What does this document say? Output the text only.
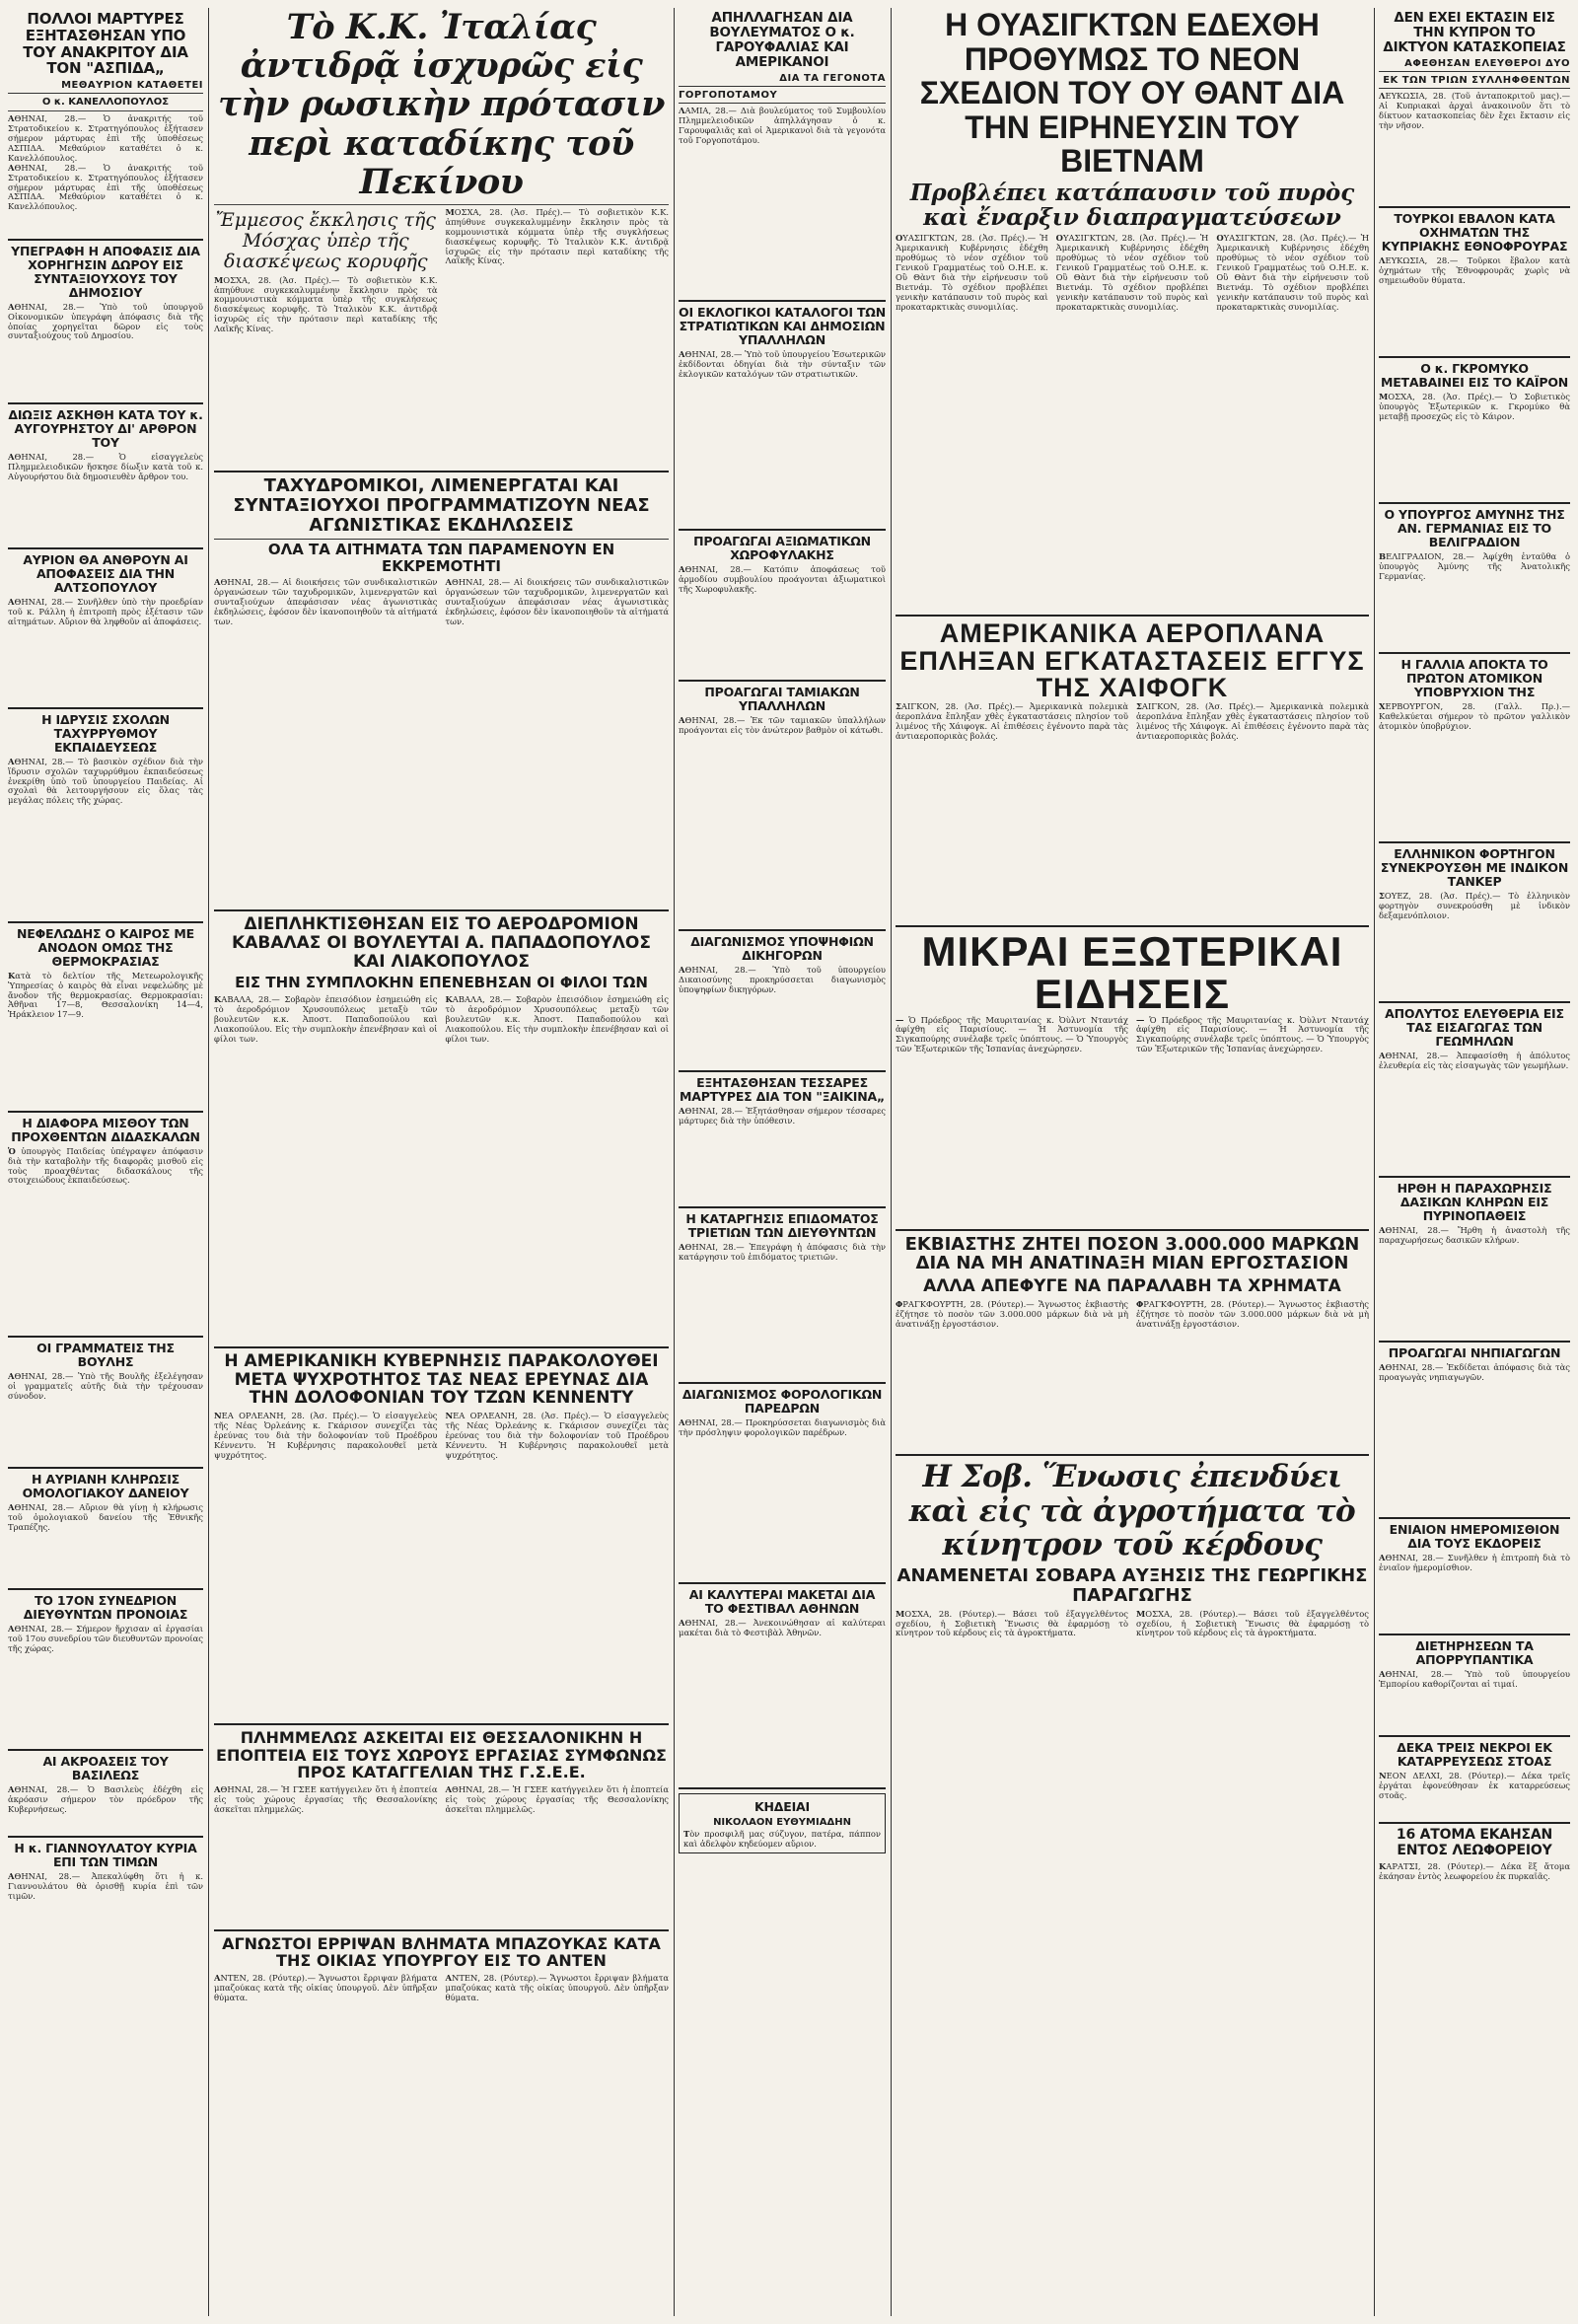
ΠΟΛΛΟΙ ΜΑΡΤΥΡΕΣ ΕΞΗΤΑΣΘΗΣΑΝ ΥΠΟ ΤΟΥ ΑΝΑΚΡΙΤΟΥ ΔΙΑ ΤΟΝ "ΑΣΠΙΔΑ„
ΜΕΘΑΥΡΙΟΝ ΚΑΤΑΘΕΤΕΙ
Ο κ. ΚΑΝΕΛΛΟΠΟΥΛΟΣ

ΑΘΗΝΑΙ, 28.— Ὁ ἀνακριτής τοῦ Στρατοδικείου κ. Στρατηγόπουλος ἐξήτασεν σήμερον μάρτυρας ἐπὶ τῆς ὑποθέσεως ΑΣΠΙΔΑ. Μεθαύριον καταθέτει ὁ κ. Κανελλόπουλος.

ΑΘΗΝΑΙ, 28.— Ὁ ἀνακριτής τοῦ Στρατοδικείου κ. Στρατηγόπουλος ἐξήτασεν σήμερον μάρτυρας ἐπὶ τῆς ὑποθέσεως ΑΣΠΙΔΑ. Μεθαύριον καταθέτει ὁ κ. Κανελλόπουλος.

ΥΠΕΓΡΑΦΗ Η ΑΠΟΦΑΣΙΣ ΔΙΑ ΧΟΡΗΓΗΣΙΝ ΔΩΡΟΥ ΕΙΣ ΣΥΝΤΑΞΙΟΥΧΟΥΣ ΤΟΥ ΔΗΜΟΣΙΟΥ

ΑΘΗΝΑΙ, 28.— Ὑπὸ τοῦ ὑπουργοῦ Οἰκονομικῶν ὑπεγράφη ἀπόφασις διὰ τῆς ὁποίας χορηγεῖται δῶρον εἰς τοὺς συνταξιούχους τοῦ Δημοσίου.

ΔΙΩΞΙΣ ΑΣΚΗΘΗ ΚΑΤΑ ΤΟΥ κ. ΑΥΓΟΥΡΗΣΤΟΥ ΔΙ' ΑΡΘΡΟΝ ΤΟΥ

ΑΘΗΝΑΙ, 28.— Ὁ εἰσαγγελεὺς Πλημμελειοδικῶν ἤσκησε δίωξιν κατὰ τοῦ κ. Αὐγουρήστου διὰ δημοσιευθὲν ἄρθρον του.

ΑΥΡΙΟΝ ΘΑ ΑΝΘΡΟΥΝ ΑΙ ΑΠΟΦΑΣΕΙΣ ΔΙΑ ΤΗΝ ΑΛΤΣΟΠΟΥΛΟΥ

ΑΘΗΝΑΙ, 28.— Συνῆλθεν ὑπὸ τὴν προεδρίαν τοῦ κ. Ράλλη ἡ ἐπιτροπὴ πρὸς ἐξέτασιν τῶν αἰτημάτων. Αὔριον θὰ ληφθοῦν αἱ ἀποφάσεις.

Η ΙΔΡΥΣΙΣ ΣΧΟΛΩΝ ΤΑΧΥΡΡΥΘΜΟΥ ΕΚΠΑΙΔΕΥΣΕΩΣ

ΑΘΗΝΑΙ, 28.— Τὸ βασικὸν σχέδιον διὰ τὴν ἵδρυσιν σχολῶν ταχυρρύθμου ἐκπαιδεύσεως ἐνεκρίθη ὑπὸ τοῦ ὑπουργείου Παιδείας. Αἱ σχολαὶ θὰ λειτουργήσουν εἰς ὅλας τὰς μεγάλας πόλεις τῆς χώρας.

ΝΕΦΕΛΩΔΗΣ Ο ΚΑΙΡΟΣ ΜΕ ΑΝΟΔΟΝ ΟΜΩΣ ΤΗΣ ΘΕΡΜΟΚΡΑΣΙΑΣ

Κατὰ τὸ δελτίον τῆς Μετεωρολογικῆς Ὑπηρεσίας ὁ καιρὸς θὰ εἶναι νεφελώδης μὲ ἄνοδον τῆς θερμοκρασίας. Θερμοκρασίαι: Ἀθῆναι 17—8, Θεσσαλονίκη 14—4, Ἡράκλειον 17—9.

Η ΔΙΑΦΟΡΑ ΜΙΣΘΟΥ ΤΩΝ ΠΡΟΧΘΕΝΤΩΝ ΔΙΔΑΣΚΑΛΩΝ

Ὁ ὑπουργὸς Παιδείας ὑπέγραψεν ἀπόφασιν διὰ τὴν καταβολὴν τῆς διαφορᾶς μισθοῦ εἰς τοὺς προαχθέντας διδασκάλους τῆς στοιχειώδους ἐκπαιδεύσεως.

ΟΙ ΓΡΑΜΜΑΤΕΙΣ ΤΗΣ ΒΟΥΛΗΣ

ΑΘΗΝΑΙ, 28.— Ὑπὸ τῆς Βουλῆς ἐξελέγησαν οἱ γραμματεῖς αὐτῆς διὰ τὴν τρέχουσαν σύνοδον.

Η ΑΥΡΙΑΝΗ ΚΛΗΡΩΣΙΣ ΟΜΟΛΟΓΙΑΚΟΥ ΔΑΝΕΙΟΥ

ΑΘΗΝΑΙ, 28.— Αὔριον θὰ γίνῃ ἡ κλήρωσις τοῦ ὁμολογιακοῦ δανείου τῆς Ἐθνικῆς Τραπέζης.

ΤΟ 17ΟΝ ΣΥΝΕΔΡΙΟΝ ΔΙΕΥΘΥΝΤΩΝ ΠΡΟΝΟΙΑΣ

ΑΘΗΝΑΙ, 28.— Σήμερον ἤρχισαν αἱ ἐργασίαι τοῦ 17ου συνεδρίου τῶν διευθυντῶν προνοίας τῆς χώρας.

ΑΙ ΑΚΡΟΑΣΕΙΣ ΤΟΥ ΒΑΣΙΛΕΩΣ

ΑΘΗΝΑΙ, 28.— Ὁ Βασιλεὺς ἐδέχθη εἰς ἀκρόασιν σήμερον τὸν πρόεδρον τῆς Κυβερνήσεως.

Η κ. ΓΙΑΝΝΟΥΛΑΤΟΥ ΚΥΡΙΑ ΕΠΙ ΤΩΝ ΤΙΜΩΝ

ΑΘΗΝΑΙ, 28.— Ἀπεκαλύφθη ὅτι ἡ κ. Γιαννουλάτου θὰ ὁρισθῇ κυρία ἐπὶ τῶν τιμῶν.

Τὸ Κ.Κ. Ἰταλίας ἀντιδρᾷ ἰσχυρῶς εἰς τὴν ρωσικὴν πρότασιν περὶ καταδίκης τοῦ Πεκίνου
Ἔμμεσος ἔκκλησις τῆς Μόσχας ὑπὲρ τῆς διασκέψεως κορυφῆς

ΜΟΣΧΑ, 28. (Ἀσ. Πρές).— Τὸ σοβιετικὸν Κ.Κ. ἀπηύθυνε συγκεκαλυμμένην ἔκκλησιν πρὸς τὰ κομμουνιστικὰ κόμματα ὑπὲρ τῆς συγκλήσεως διασκέψεως κορυφῆς. Τὸ Ἰταλικὸν Κ.Κ. ἀντιδρᾷ ἰσχυρῶς εἰς τὴν πρότασιν περὶ καταδίκης τῆς Λαϊκῆς Κίνας.

ΜΟΣΧΑ, 28. (Ἀσ. Πρές).— Τὸ σοβιετικὸν Κ.Κ. ἀπηύθυνε συγκεκαλυμμένην ἔκκλησιν πρὸς τὰ κομμουνιστικὰ κόμματα ὑπὲρ τῆς συγκλήσεως διασκέψεως κορυφῆς. Τὸ Ἰταλικὸν Κ.Κ. ἀντιδρᾷ ἰσχυρῶς εἰς τὴν πρότασιν περὶ καταδίκης τῆς Λαϊκῆς Κίνας.

ΤΑΧΥΔΡΟΜΙΚΟΙ, ΛΙΜΕΝΕΡΓΑΤΑΙ ΚΑΙ ΣΥΝΤΑΞΙΟΥΧΟΙ ΠΡΟΓΡΑΜΜΑΤΙΖΟΥΝ ΝΕΑΣ ΑΓΩΝΙΣΤΙΚΑΣ ΕΚΔΗΛΩΣΕΙΣ
ΟΛΑ ΤΑ ΑΙΤΗΜΑΤΑ ΤΩΝ ΠΑΡΑΜΕΝΟΥΝ ΕΝ ΕΚΚΡΕΜΟΤΗΤΙ

ΑΘΗΝΑΙ, 28.— Αἱ διοικήσεις τῶν συνδικαλιστικῶν ὀργανώσεων τῶν ταχυδρομικῶν, λιμενεργατῶν καὶ συνταξιούχων ἀπεφάσισαν νέας ἀγωνιστικὰς ἐκδηλώσεις, ἐφόσον δὲν ἱκανοποιηθοῦν τὰ αἰτήματά των.

ΑΘΗΝΑΙ, 28.— Αἱ διοικήσεις τῶν συνδικαλιστικῶν ὀργανώσεων τῶν ταχυδρομικῶν, λιμενεργατῶν καὶ συνταξιούχων ἀπεφάσισαν νέας ἀγωνιστικὰς ἐκδηλώσεις, ἐφόσον δὲν ἱκανοποιηθοῦν τὰ αἰτήματά των.

ΔΙΕΠΛΗΚΤΙΣΘΗΣΑΝ ΕΙΣ ΤΟ ΑΕΡΟΔΡΟΜΙΟΝ ΚΑΒΑΛΑΣ ΟΙ ΒΟΥΛΕΥΤΑΙ Α. ΠΑΠΑΔΟΠΟΥΛΟΣ ΚΑΙ ΛΙΑΚΟΠΟΥΛΟΣ
ΕΙΣ ΤΗΝ ΣΥΜΠΛΟΚΗΝ ΕΠΕΝΕΒΗΣΑΝ ΟΙ ΦΙΛΟΙ ΤΩΝ

ΚΑΒΑΛΑ, 28.— Σοβαρὸν ἐπεισόδιον ἐσημειώθη εἰς τὸ ἀεροδρόμιον Χρυσουπόλεως μεταξὺ τῶν βουλευτῶν κ.κ. Ἀποστ. Παπαδοπούλου καὶ Λιακοπούλου. Εἰς τὴν συμπλοκὴν ἐπενέβησαν καὶ οἱ φίλοι των.

ΚΑΒΑΛΑ, 28.— Σοβαρὸν ἐπεισόδιον ἐσημειώθη εἰς τὸ ἀεροδρόμιον Χρυσουπόλεως μεταξὺ τῶν βουλευτῶν κ.κ. Ἀποστ. Παπαδοπούλου καὶ Λιακοπούλου. Εἰς τὴν συμπλοκὴν ἐπενέβησαν καὶ οἱ φίλοι των.

Η ΑΜΕΡΙΚΑΝΙΚΗ ΚΥΒΕΡΝΗΣΙΣ ΠΑΡΑΚΟΛΟΥΘΕΙ ΜΕΤΑ ΨΥΧΡΟΤΗΤΟΣ ΤΑΣ ΝΕΑΣ ΕΡΕΥΝΑΣ ΔΙΑ ΤΗΝ ΔΟΛΟΦΟΝΙΑΝ ΤΟΥ ΤΖΩΝ ΚΕΝΝΕΝΤΥ

ΝΕΑ ΟΡΛΕΑΝΗ, 28. (Ἀσ. Πρές).— Ὁ εἰσαγγελεὺς τῆς Νέας Ὀρλεάνης κ. Γκάρισον συνεχίζει τὰς ἐρεύνας του διὰ τὴν δολοφονίαν τοῦ Προέδρου Κέννεντυ. Ἡ Κυβέρνησις παρακολουθεῖ μετὰ ψυχρότητος.

ΝΕΑ ΟΡΛΕΑΝΗ, 28. (Ἀσ. Πρές).— Ὁ εἰσαγγελεὺς τῆς Νέας Ὀρλεάνης κ. Γκάρισον συνεχίζει τὰς ἐρεύνας του διὰ τὴν δολοφονίαν τοῦ Προέδρου Κέννεντυ. Ἡ Κυβέρνησις παρακολουθεῖ μετὰ ψυχρότητος.

ΠΛΗΜΜΕΛΩΣ ΑΣΚΕΙΤΑΙ ΕΙΣ ΘΕΣΣΑΛΟΝΙΚΗΝ Η ΕΠΟΠΤΕΙΑ ΕΙΣ ΤΟΥΣ ΧΩΡΟΥΣ ΕΡΓΑΣΙΑΣ ΣΥΜΦΩΝΩΣ ΠΡΟΣ ΚΑΤΑΓΓΕΛΙΑΝ ΤΗΣ Γ.Σ.Ε.Ε.

ΑΘΗΝΑΙ, 28.— Ἡ ΓΣΕΕ κατήγγειλεν ὅτι ἡ ἐποπτεία εἰς τοὺς χώρους ἐργασίας τῆς Θεσσαλονίκης ἀσκεῖται πλημμελῶς.

ΑΘΗΝΑΙ, 28.— Ἡ ΓΣΕΕ κατήγγειλεν ὅτι ἡ ἐποπτεία εἰς τοὺς χώρους ἐργασίας τῆς Θεσσαλονίκης ἀσκεῖται πλημμελῶς.

ΑΓΝΩΣΤΟΙ ΕΡΡΙΨΑΝ ΒΛΗΜΑΤΑ ΜΠΑΖΟΥΚΑΣ ΚΑΤΑ ΤΗΣ ΟΙΚΙΑΣ ΥΠΟΥΡΓΟΥ ΕΙΣ ΤΟ ΑΝΤΕΝ

ΑΝΤΕΝ, 28. (Ρόυτερ).— Ἄγνωστοι ἔρριψαν βλήματα μπαζούκας κατὰ τῆς οἰκίας ὑπουργοῦ. Δὲν ὑπῆρξαν θύματα.

ΑΝΤΕΝ, 28. (Ρόυτερ).— Ἄγνωστοι ἔρριψαν βλήματα μπαζούκας κατὰ τῆς οἰκίας ὑπουργοῦ. Δὲν ὑπῆρξαν θύματα.

ΑΠΗΛΛΑΓΗΣΑΝ ΔΙΑ ΒΟΥΛΕΥΜΑΤΟΣ Ο κ. ΓΑΡΟΥΦΑΛΙΑΣ ΚΑΙ ΑΜΕΡΙΚΑΝΟΙ
ΔΙΑ ΤΑ ΓΕΓΟΝΟΤΑ
ΓΟΡΓΟΠΟΤΑΜΟΥ

ΛΑΜΙΑ, 28.— Διὰ βουλεύματος τοῦ Συμβουλίου Πλημμελειοδικῶν ἀπηλλάγησαν ὁ κ. Γαρουφαλιᾶς καὶ οἱ Ἀμερικανοὶ διὰ τὰ γεγονότα τοῦ Γοργοποτάμου.

ΟΙ ΕΚΛΟΓΙΚΟΙ ΚΑΤΑΛΟΓΟΙ ΤΩΝ ΣΤΡΑΤΙΩΤΙΚΩΝ ΚΑΙ ΔΗΜΟΣΙΩΝ ΥΠΑΛΛΗΛΩΝ

ΑΘΗΝΑΙ, 28.— Ὑπὸ τοῦ ὑπουργείου Ἐσωτερικῶν ἐκδίδονται ὁδηγίαι διὰ τὴν σύνταξιν τῶν ἐκλογικῶν καταλόγων τῶν στρατιωτικῶν.

ΠΡΟΑΓΩΓΑΙ ΑΞΙΩΜΑΤΙΚΩΝ ΧΩΡΟΦΥΛΑΚΗΣ

ΑΘΗΝΑΙ, 28.— Κατόπιν ἀποφάσεως τοῦ ἀρμοδίου συμβουλίου προάγονται ἀξιωματικοὶ τῆς Χωροφυλακῆς.

ΠΡΟΑΓΩΓΑΙ ΤΑΜΙΑΚΩΝ ΥΠΑΛΛΗΛΩΝ

ΑΘΗΝΑΙ, 28.— Ἐκ τῶν ταμιακῶν ὑπαλλήλων προάγονται εἰς τὸν ἀνώτερον βαθμὸν οἱ κάτωθι.

ΔΙΑΓΩΝΙΣΜΟΣ ΥΠΟΨΗΦΙΩΝ ΔΙΚΗΓΟΡΩΝ

ΑΘΗΝΑΙ, 28.— Ὑπὸ τοῦ ὑπουργείου Δικαιοσύνης προκηρύσσεται διαγωνισμὸς ὑποψηφίων δικηγόρων.

ΕΞΗΤΑΣΘΗΣΑΝ ΤΕΣΣΑΡΕΣ ΜΑΡΤΥΡΕΣ ΔΙΑ ΤΟΝ "ΞΑΙΚΙΝΑ„

ΑΘΗΝΑΙ, 28.— Ἐξητάσθησαν σήμερον τέσσαρες μάρτυρες διὰ τὴν ὑπόθεσιν.

Η ΚΑΤΑΡΓΗΣΙΣ ΕΠΙΔΟΜΑΤΟΣ ΤΡΙΕΤΙΩΝ ΤΩΝ ΔΙΕΥΘΥΝΤΩΝ

ΑΘΗΝΑΙ, 28.— Ἐπεγράφη ἡ ἀπόφασις διὰ τὴν κατάργησιν τοῦ ἐπιδόματος τριετιῶν.

ΔΙΑΓΩΝΙΣΜΟΣ ΦΟΡΟΛΟΓΙΚΩΝ ΠΑΡΕΔΡΩΝ

ΑΘΗΝΑΙ, 28.— Προκηρύσσεται διαγωνισμὸς διὰ τὴν πρόσληψιν φορολογικῶν παρέδρων.

ΑΙ ΚΑΛΥΤΕΡΑΙ ΜΑΚΕΤΑΙ ΔΙΑ ΤΟ ΦΕΣΤΙΒΑΛ ΑΘΗΝΩΝ

ΑΘΗΝΑΙ, 28.— Ἀνεκοινώθησαν αἱ καλύτεραι μακέται διὰ τὸ Φεστιβὰλ Ἀθηνῶν.

ΚΗΔΕΙΑΙ
ΝΙΚΟΛΑΟΝ ΕΥΘΥΜΙΑΔΗΝ

Τὸν προσφιλῆ μας σύζυγον, πατέρα, πάππον καὶ ἀδελφὸν κηδεύομεν αὔριον.

Η ΟΥΑΣΙΓΚΤΩΝ ΕΔΕΧΘΗ ΠΡΟΘΥΜΩΣ ΤΟ ΝΕΟΝ ΣΧΕΔΙΟΝ ΤΟΥ ΟΥ ΘΑΝΤ ΔΙΑ ΤΗΝ ΕΙΡΗΝΕΥΣΙΝ ΤΟΥ ΒΙΕΤΝΑΜ
Προβλέπει κατάπαυσιν τοῦ πυρὸς καὶ ἔναρξιν διαπραγματεύσεων

ΟΥΑΣΙΓΚΤΩΝ, 28. (Ἀσ. Πρές).— Ἡ Ἀμερικανικὴ Κυβέρνησις ἐδέχθη προθύμως τὸ νέον σχέδιον τοῦ Γενικοῦ Γραμματέως τοῦ Ο.Η.Ε. κ. Οὒ Θὰντ διὰ τὴν εἰρήνευσιν τοῦ Βιετνάμ. Τὸ σχέδιον προβλέπει γενικὴν κατάπαυσιν τοῦ πυρὸς καὶ προκαταρκτικὰς συνομιλίας.

ΟΥΑΣΙΓΚΤΩΝ, 28. (Ἀσ. Πρές).— Ἡ Ἀμερικανικὴ Κυβέρνησις ἐδέχθη προθύμως τὸ νέον σχέδιον τοῦ Γενικοῦ Γραμματέως τοῦ Ο.Η.Ε. κ. Οὒ Θὰντ διὰ τὴν εἰρήνευσιν τοῦ Βιετνάμ. Τὸ σχέδιον προβλέπει γενικὴν κατάπαυσιν τοῦ πυρὸς καὶ προκαταρκτικὰς συνομιλίας.

ΟΥΑΣΙΓΚΤΩΝ, 28. (Ἀσ. Πρές).— Ἡ Ἀμερικανικὴ Κυβέρνησις ἐδέχθη προθύμως τὸ νέον σχέδιον τοῦ Γενικοῦ Γραμματέως τοῦ Ο.Η.Ε. κ. Οὒ Θὰντ διὰ τὴν εἰρήνευσιν τοῦ Βιετνάμ. Τὸ σχέδιον προβλέπει γενικὴν κατάπαυσιν τοῦ πυρὸς καὶ προκαταρκτικὰς συνομιλίας.

ΑΜΕΡΙΚΑΝΙΚΑ ΑΕΡΟΠΛΑΝΑ ΕΠΛΗΞΑΝ ΕΓΚΑΤΑΣΤΑΣΕΙΣ ΕΓΓΥΣ ΤΗΣ ΧΑΙΦΟΓΚ

ΣΑΙΓΚΟΝ, 28. (Ἀσ. Πρές).— Ἀμερικανικὰ πολεμικὰ ἀεροπλάνα ἔπληξαν χθὲς ἐγκαταστάσεις πλησίον τοῦ λιμένος τῆς Χάιφογκ. Αἱ ἐπιθέσεις ἐγένοντο παρὰ τὰς ἀντιαεροπορικὰς βολάς.

ΣΑΙΓΚΟΝ, 28. (Ἀσ. Πρές).— Ἀμερικανικὰ πολεμικὰ ἀεροπλάνα ἔπληξαν χθὲς ἐγκαταστάσεις πλησίον τοῦ λιμένος τῆς Χάιφογκ. Αἱ ἐπιθέσεις ἐγένοντο παρὰ τὰς ἀντιαεροπορικὰς βολάς.

ΜΙΚΡΑΙ ΕΞΩΤΕΡΙΚΑΙ ΕΙΔΗΣΕΙΣ

— Ὁ Πρόεδρος τῆς Μαυριτανίας κ. Ὀὺλντ Νταντάχ ἀφίχθη εἰς Παρισίους. — Ἡ Ἀστυνομία τῆς Σιγκαπούρης συνέλαβε τρεῖς ὑπόπτους. — Ὁ Ὑπουργὸς τῶν Ἐξωτερικῶν τῆς Ἰσπανίας ἀνεχώρησεν.

— Ὁ Πρόεδρος τῆς Μαυριτανίας κ. Ὀὺλντ Νταντάχ ἀφίχθη εἰς Παρισίους. — Ἡ Ἀστυνομία τῆς Σιγκαπούρης συνέλαβε τρεῖς ὑπόπτους. — Ὁ Ὑπουργὸς τῶν Ἐξωτερικῶν τῆς Ἰσπανίας ἀνεχώρησεν.

ΕΚΒΙΑΣΤΗΣ ΖΗΤΕΙ ΠΟΣΟΝ 3.000.000 ΜΑΡΚΩΝ ΔΙΑ ΝΑ ΜΗ ΑΝΑΤΙΝΑΞΗ ΜΙΑΝ ΕΡΓΟΣΤΑΣΙΟΝ
ΑΛΛΑ ΑΠΕΦΥΓΕ ΝΑ ΠΑΡΑΛΑΒΗ ΤΑ ΧΡΗΜΑΤΑ

ΦΡΑΓΚΦΟΥΡΤΗ, 28. (Ρόυτερ).— Ἄγνωστος ἐκβιαστὴς ἐζήτησε τὸ ποσὸν τῶν 3.000.000 μάρκων διὰ νὰ μὴ ἀνατινάξῃ ἐργοστάσιον.

ΦΡΑΓΚΦΟΥΡΤΗ, 28. (Ρόυτερ).— Ἄγνωστος ἐκβιαστὴς ἐζήτησε τὸ ποσὸν τῶν 3.000.000 μάρκων διὰ νὰ μὴ ἀνατινάξῃ ἐργοστάσιον.

Η Σοβ. Ἕνωσις ἐπενδύει καὶ εἰς τὰ ἀγροτήματα τὸ κίνητρον τοῦ κέρδους
ΑΝΑΜΕΝΕΤΑΙ ΣΟΒΑΡΑ ΑΥΞΗΣΙΣ ΤΗΣ ΓΕΩΡΓΙΚΗΣ ΠΑΡΑΓΩΓΗΣ

ΜΟΣΧΑ, 28. (Ρόυτερ).— Βάσει τοῦ ἐξαγγελθέντος σχεδίου, ἡ Σοβιετικὴ Ἕνωσις θὰ ἐφαρμόσῃ τὸ κίνητρον τοῦ κέρδους εἰς τὰ ἀγροκτήματα.

ΜΟΣΧΑ, 28. (Ρόυτερ).— Βάσει τοῦ ἐξαγγελθέντος σχεδίου, ἡ Σοβιετικὴ Ἕνωσις θὰ ἐφαρμόσῃ τὸ κίνητρον τοῦ κέρδους εἰς τὰ ἀγροκτήματα.

ΔΕΝ ΕΧΕΙ ΕΚΤΑΣΙΝ ΕΙΣ ΤΗΝ ΚΥΠΡΟΝ ΤΟ ΔΙΚΤΥΟΝ ΚΑΤΑΣΚΟΠΕΙΑΣ
ΑΦΕΘΗΣΑΝ ΕΛΕΥΘΕΡΟΙ ΔΥΟ
ΕΚ ΤΩΝ ΤΡΙΩΝ ΣΥΛΛΗΦΘΕΝΤΩΝ

ΛΕΥΚΩΣΙΑ, 28. (Τοῦ ἀνταποκριτοῦ μας).— Αἱ Κυπριακαὶ ἀρχαὶ ἀνακοινοῦν ὅτι τὸ δίκτυον κατασκοπείας δὲν ἔχει ἔκτασιν εἰς τὴν νῆσον.

ΤΟΥΡΚΟΙ ΕΒΑΛΟΝ ΚΑΤΑ ΟΧΗΜΑΤΩΝ ΤΗΣ ΚΥΠΡΙΑΚΗΣ ΕΘΝΟΦΡΟΥΡΑΣ

ΛΕΥΚΩΣΙΑ, 28.— Τοῦρκοι ἔβαλον κατὰ ὀχημάτων τῆς Ἐθνοφρουρᾶς χωρὶς νὰ σημειωθοῦν θύματα.

Ο κ. ΓΚΡΟΜΥΚΟ ΜΕΤΑΒΑΙΝΕΙ ΕΙΣ ΤΟ ΚΑΪΡΟΝ

ΜΟΣΧΑ, 28. (Ἀσ. Πρές).— Ὁ Σοβιετικὸς ὑπουργὸς Ἐξωτερικῶν κ. Γκρομύκο θὰ μεταβῇ προσεχῶς εἰς τὸ Κάιρον.

Ο ΥΠΟΥΡΓΟΣ ΑΜΥΝΗΣ ΤΗΣ ΑΝ. ΓΕΡΜΑΝΙΑΣ ΕΙΣ ΤΟ ΒΕΛΙΓΡΑΔΙΟΝ

ΒΕΛΙΓΡΑΔΙΟΝ, 28.— Ἀφίχθη ἐνταῦθα ὁ ὑπουργὸς Ἀμύνης τῆς Ἀνατολικῆς Γερμανίας.

Η ΓΑΛΛΙΑ ΑΠΟΚΤΑ ΤΟ ΠΡΩΤΟΝ ΑΤΟΜΙΚΟΝ ΥΠΟΒΡΥΧΙΟΝ ΤΗΣ

ΧΕΡΒΟΥΡΓΟΝ, 28. (Γαλλ. Πρ.).— Καθελκύεται σήμερον τὸ πρῶτον γαλλικὸν ἀτομικὸν ὑποβρύχιον.

ΕΛΛΗΝΙΚΟΝ ΦΟΡΤΗΓΟΝ ΣΥΝΕΚΡΟΥΣΘΗ ΜΕ ΙΝΔΙΚΟΝ ΤΑΝΚΕΡ

ΣΟΥΕΖ, 28. (Ἀσ. Πρές).— Τὸ ἑλληνικὸν φορτηγὸν συνεκρούσθη μὲ ἰνδικὸν δεξαμενόπλοιον.

ΑΠΟΛΥΤΟΣ ΕΛΕΥΘΕΡΙΑ ΕΙΣ ΤΑΣ ΕΙΣΑΓΩΓΑΣ ΤΩΝ ΓΕΩΜΗΛΩΝ

ΑΘΗΝΑΙ, 28.— Ἀπεφασίσθη ἡ ἀπόλυτος ἐλευθερία εἰς τὰς εἰσαγωγὰς τῶν γεωμήλων.

ΗΡΘΗ Η ΠΑΡΑΧΩΡΗΣΙΣ ΔΑΣΙΚΩΝ ΚΛΗΡΩΝ ΕΙΣ ΠΥΡΙΝΟΠΑΘΕΙΣ

ΑΘΗΝΑΙ, 28.— Ἤρθη ἡ ἀναστολὴ τῆς παραχωρήσεως δασικῶν κλήρων.

ΠΡΟΑΓΩΓΑΙ ΝΗΠΙΑΓΩΓΩΝ

ΑΘΗΝΑΙ, 28.— Ἐκδίδεται ἀπόφασις διὰ τὰς προαγωγὰς νηπιαγωγῶν.

ΕΝΙΑΙΟΝ ΗΜΕΡΟΜΙΣΘΙΟΝ ΔΙΑ ΤΟΥΣ ΕΚΔΟΡΕΙΣ

ΑΘΗΝΑΙ, 28.— Συνῆλθεν ἡ ἐπιτροπὴ διὰ τὸ ἑνιαῖον ἡμερομίσθιον.

ΔΙΕΤΗΡΗΣΕΩΝ ΤΑ ΑΠΟΡΡΥΠΑΝΤΙΚΑ

ΑΘΗΝΑΙ, 28.— Ὑπὸ τοῦ ὑπουργείου Ἐμπορίου καθορίζονται αἱ τιμαί.

ΔΕΚΑ ΤΡΕΙΣ ΝΕΚΡΟΙ ΕΚ ΚΑΤΑΡΡΕΥΣΕΩΣ ΣΤΟΑΣ

ΝΕΟΝ ΔΕΛΧΙ, 28. (Ρόυτερ).— Δέκα τρεῖς ἐργάται ἐφονεύθησαν ἐκ καταρρεύσεως στοᾶς.

16 ΑΤΟΜΑ ΕΚΑΗΣΑΝ ΕΝΤΟΣ ΛΕΩΦΟΡΕΙΟΥ

ΚΑΡΑΤΣΙ, 28. (Ρόυτερ).— Δέκα ἓξ ἄτομα ἐκάησαν ἐντὸς λεωφορείου ἐκ πυρκαϊᾶς.
